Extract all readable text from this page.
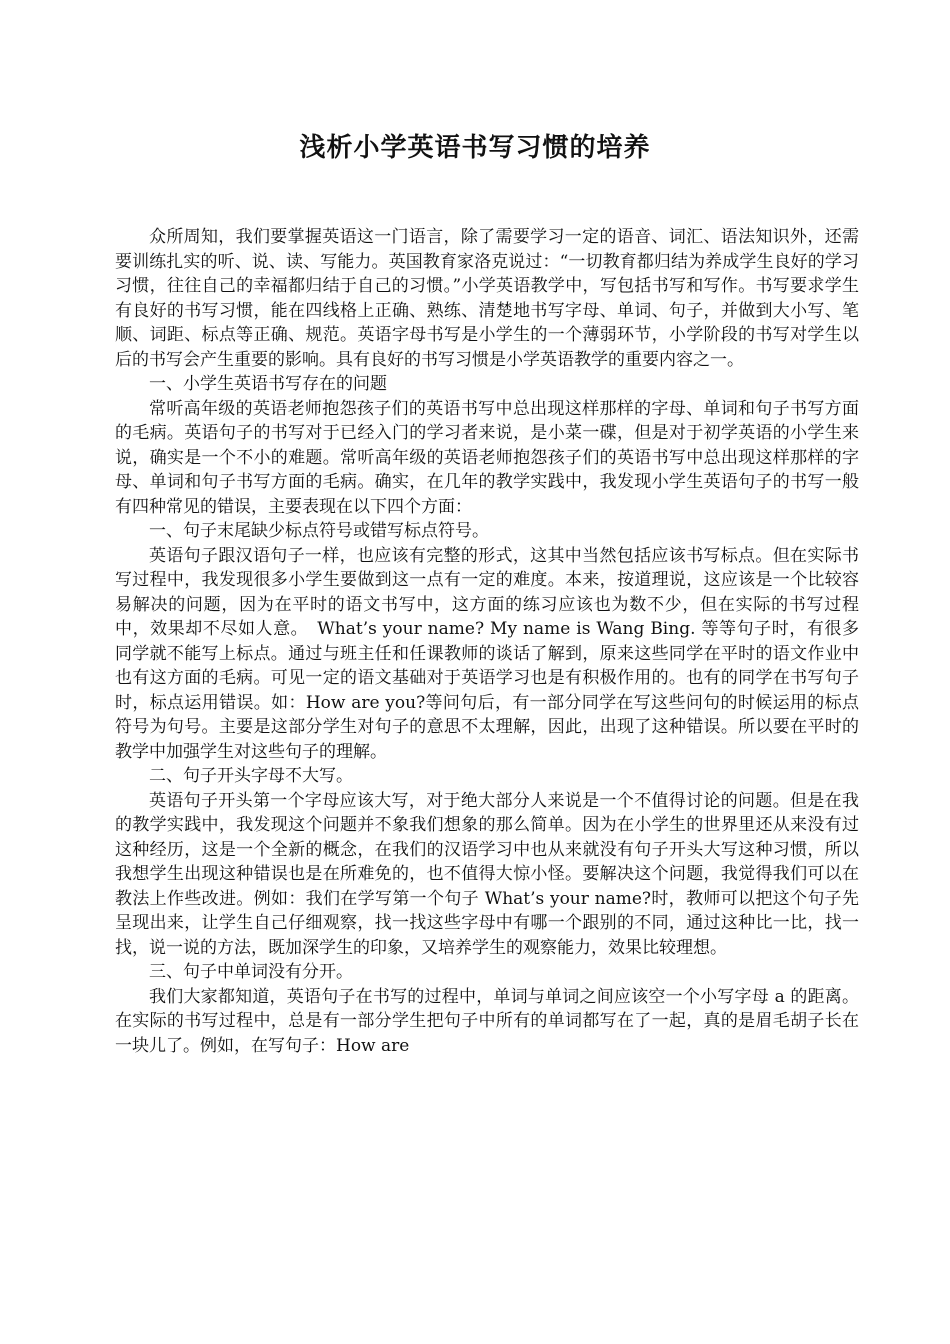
浅析小学英语书写习惯的培养

众所周知，我们要掌握英语这一门语言，除了需要学习一定的语音、词汇、语法知识外，还需要训练扎实的听、说、读、写能力。英国教育家洛克说过：“一切教育都归结为养成学生良好的学习习惯，往往自己的幸福都归结于自己的习惯。”小学英语教学中，写包括书写和写作。书写要求学生有良好的书写习惯，能在四线格上正确、熟练、清楚地书写字母、单词、句子，并做到大小写、笔顺、词距、标点等正确、规范。英语字母书写是小学生的一个薄弱环节，小学阶段的书写对学生以后的书写会产生重要的影响。具有良好的书写习惯是小学英语教学的重要内容之一。

一、小学生英语书写存在的问题

常听高年级的英语老师抱怨孩子们的英语书写中总出现这样那样的字母、单词和句子书写方面的毛病。英语句子的书写对于已经入门的学习者来说，是小菜一碟，但是对于初学英语的小学生来说，确实是一个不小的难题。常听高年级的英语老师抱怨孩子们的英语书写中总出现这样那样的字母、单词和句子书写方面的毛病。确实，在几年的教学实践中，我发现小学生英语句子的书写一般有四种常见的错误，主要表现在以下四个方面：

一、句子末尾缺少标点符号或错写标点符号。

英语句子跟汉语句子一样，也应该有完整的形式，这其中当然包括应该书写标点。但在实际书写过程中，我发现很多小学生要做到这一点有一定的难度。本来，按道理说，这应该是一个比较容易解决的问题，因为在平时的语文书写中，这方面的练习应该也为数不少，但在实际的书写过程中，效果却不尽如人意。　What’s your name? My name is Wang Bing. 等等句子时，有很多同学就不能写上标点。通过与班主任和任课教师的谈话了解到，原来这些同学在平时的语文作业中也有这方面的毛病。可见一定的语文基础对于英语学习也是有积极作用的。也有的同学在书写句子时，标点运用错误。如：How are you?等问句后，有一部分同学在写这些问句的时候运用的标点符号为句号。主要是这部分学生对句子的意思不太理解，因此，出现了这种错误。所以要在平时的教学中加强学生对这些句子的理解。

二、句子开头字母不大写。

英语句子开头第一个字母应该大写，对于绝大部分人来说是一个不值得讨论的问题。但是在我的教学实践中，我发现这个问题并不象我们想象的那么简单。因为在小学生的世界里还从来没有过这种经历，这是一个全新的概念，在我们的汉语学习中也从来就没有句子开头大写这种习惯，所以我想学生出现这种错误也是在所难免的，也不值得大惊小怪。要解决这个问题，我觉得我们可以在教法上作些改进。例如：我们在学写第一个句子 What’s your name?时，教师可以把这个句子先呈现出来，让学生自己仔细观察，找一找这些字母中有哪一个跟别的不同，通过这种比一比，找一找，说一说的方法，既加深学生的印象，又培养学生的观察能力，效果比较理想。

三、句子中单词没有分开。

我们大家都知道，英语句子在书写的过程中，单词与单词之间应该空一个小写字母 a 的距离。在实际的书写过程中，总是有一部分学生把句子中所有的单词都写在了一起，真的是眉毛胡子长在一块儿了。例如，在写句子：How are
